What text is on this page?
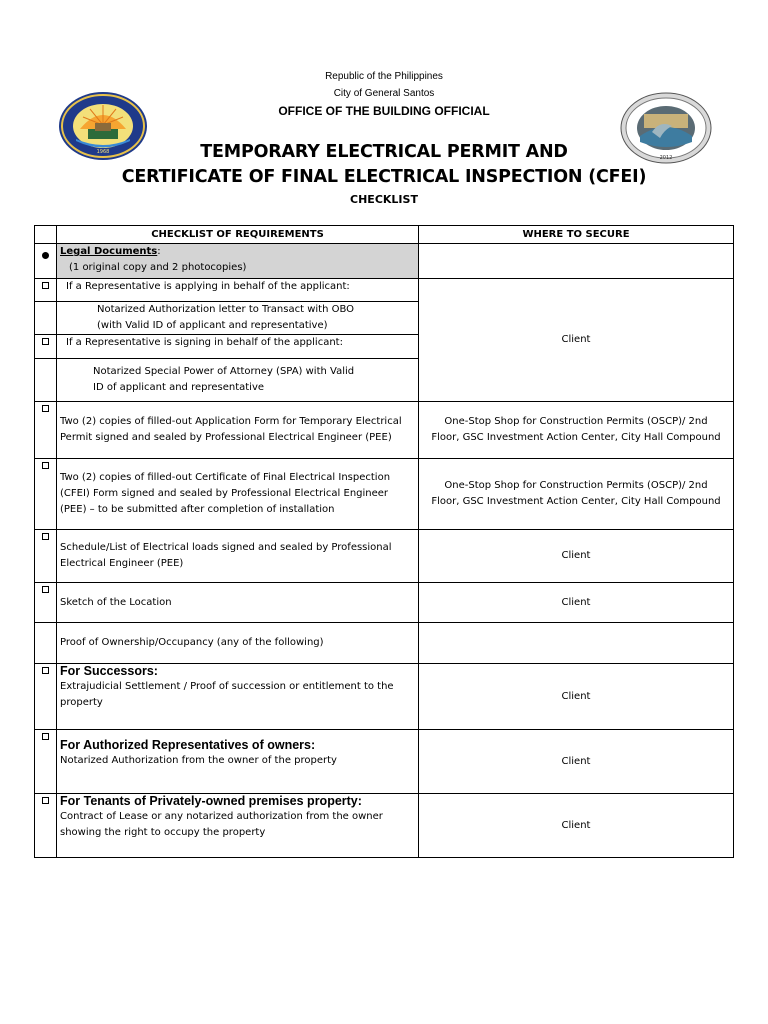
Republic of the Philippines
City of General Santos
OFFICE OF THE BUILDING OFFICIAL
TEMPORARY ELECTRICAL PERMIT AND
CERTIFICATE OF FINAL ELECTRICAL INSPECTION (CFEI)
CHECKLIST
1968
2012
	CHECKLIST OF REQUIREMENTS	WHERE TO SECURE
	Legal Documents:
(1 original copy and 2 photocopies)	
	If a Representative is applying in behalf of the applicant:	Client
	Notarized Authorization letter to Transact with OBO
(with Valid ID of applicant and representative)	
	If a Representative is signing in behalf of the applicant:	
	Notarized Special Power of Attorney (SPA) with Valid
ID of applicant and representative	
	Two (2) copies of filled-out Application Form for Temporary Electrical
Permit signed and sealed by Professional Electrical Engineer (PEE)	One-Stop Shop for Construction Permits (OSCP)/ 2nd
Floor, GSC Investment Action Center, City Hall Compound
	Two (2) copies of filled-out Certificate of Final Electrical Inspection
(CFEI) Form signed and sealed by Professional Electrical Engineer
(PEE) – to be submitted after completion of installation	One-Stop Shop for Construction Permits (OSCP)/ 2nd
Floor, GSC Investment Action Center, City Hall Compound
	Schedule/List of Electrical loads signed and sealed by Professional
Electrical Engineer (PEE)	Client
	Sketch of the Location	Client
	Proof of Ownership/Occupancy (any of the following)	

	For Successors:
Extrajudicial Settlement / Proof of succession or entitlement to the
property	Client

	For Authorized Representatives of owners:
Notarized Authorization from the owner of the property	Client

	For Tenants of Privately-owned premises property:
Contract of Lease or any notarized authorization from the owner
showing the right to occupy the property	Client
